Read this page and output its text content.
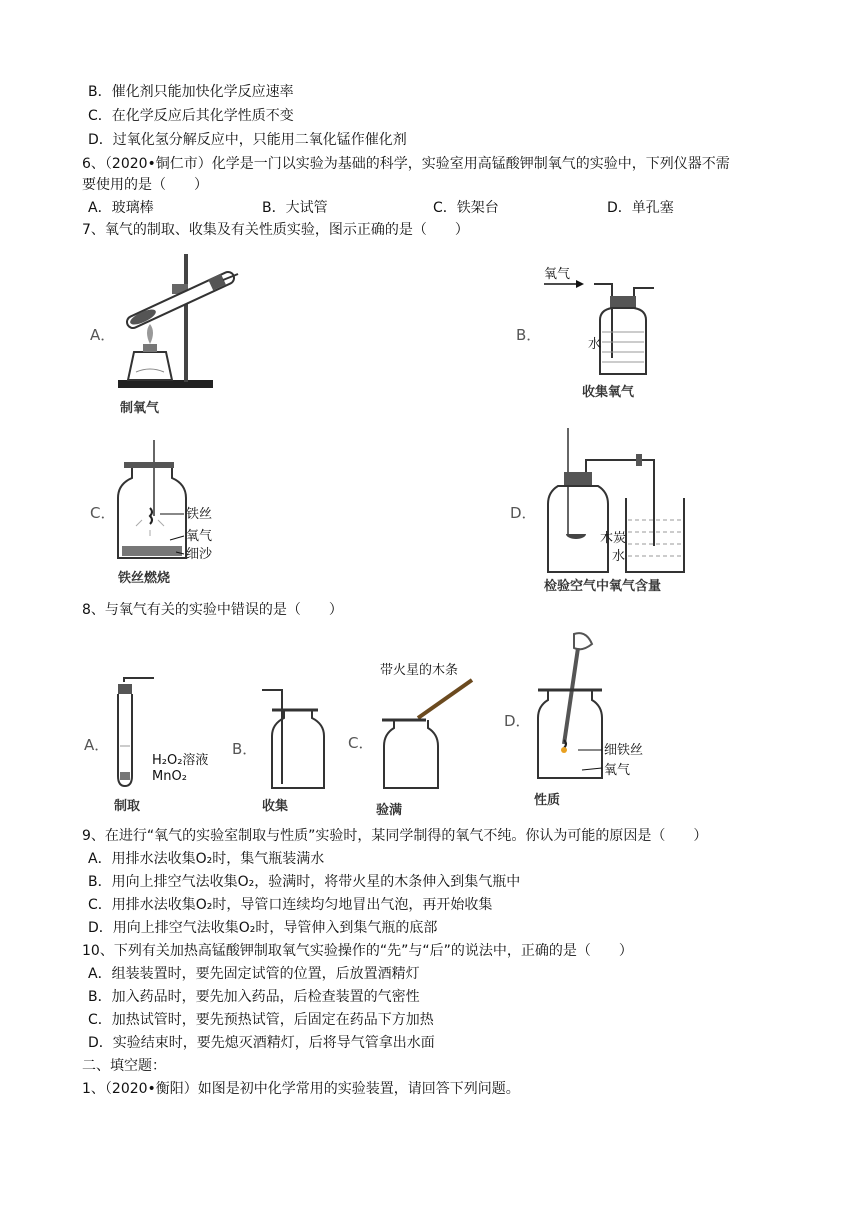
B．催化剂只能加快化学反应速率
C．在化学反应后其化学性质不变
D．过氧化氢分解反应中，只能用二氧化锰作催化剂
6、（2020•铜仁市）化学是一门以实验为基础的科学，实验室用高锰酸钾制氧气的实验中，下列仪器不需
要使用的是（　　）
A．玻璃棒	B．大试管	C．铁架台	D．单孔塞
7、氧气的制取、收集及有关性质实验，图示正确的是（　　）
A．
制氧气
B．
氧气
水
收集氧气
C．	铁丝
氧气
细沙
铁丝燃烧
D．
木炭
水
检验空气中氧气含量
8、与氧气有关的实验中错误的是（　　）
A．
H₂O₂溶液
MnO₂
制取
B．
收集
带火星的木条
C．
验满
D．
细铁丝
氧气
性质
9、在进行“氧气的实验室制取与性质”实验时，某同学制得的氧气不纯。你认为可能的原因是（　　）
A．用排水法收集O₂时，集气瓶装满水
B．用向上排空气法收集O₂，验满时，将带火星的木条伸入到集气瓶中
C．用排水法收集O₂时，导管口连续均匀地冒出气泡，再开始收集
D．用向上排空气法收集O₂时，导管伸入到集气瓶的底部
10、下列有关加热高锰酸钾制取氧气实验操作的“先”与“后”的说法中，正确的是（　　）
A．组装装置时，要先固定试管的位置，后放置酒精灯
B．加入药品时，要先加入药品，后检查装置的气密性
C．加热试管时，要先预热试管，后固定在药品下方加热
D．实验结束时，要先熄灭酒精灯，后将导气管拿出水面
二、填空题：
1、（2020•衡阳）如图是初中化学常用的实验装置，请回答下列问题。
